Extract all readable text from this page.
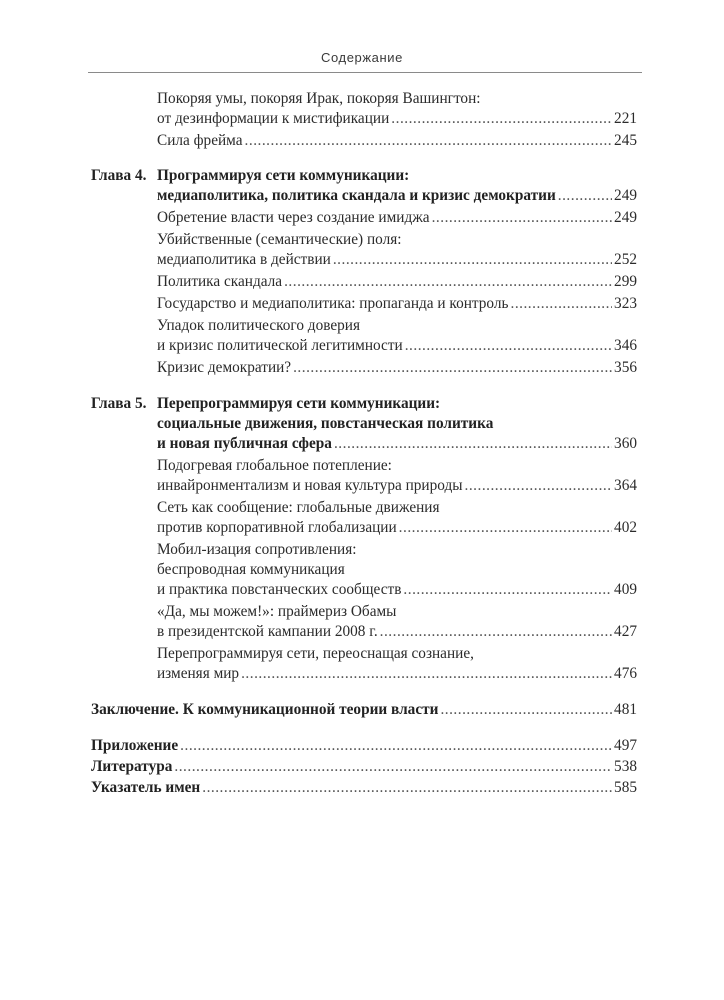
Содержание
Покоряя умы, покоряя Ирак, покоряя Вашингтон:
от дезинформации к мистификации .....	221
Сила фрейма .....	245
Глава 4. Программируя сети коммуникации:
медиаполитика, политика скандала и кризис демократии .....	249
Обретение власти через создание имиджа .....	249
Убийственные (семантические) поля:
медиаполитика в действии .....	252
Политика скандала .....	299
Государство и медиаполитика: пропаганда и контроль .....	323
Упадок политического доверия
и кризис политической легитимности .....	346
Кризис демократии? .....	356
Глава 5. Перепрограммируя сети коммуникации:
социальные движения, повстанческая политика
и новая публичная сфера .....	360
Подогревая глобальное потепление:
инвайронментализм и новая культура природы .....	364
Сеть как сообщение: глобальные движения
против корпоративной глобализации .....	402
Мобил-изация сопротивления:
беспроводная коммуникация
и практика повстанческих сообществ .....	409
«Да, мы можем!»: праймериз Обамы
в президентской кампании 2008 г. .....	427
Перепрограммируя сети, переоснащая сознание,
изменяя мир .....	476
Заключение. К коммуникационной теории власти .....	481
Приложение .....	497
Литература .....	538
Указатель имен .....	585
